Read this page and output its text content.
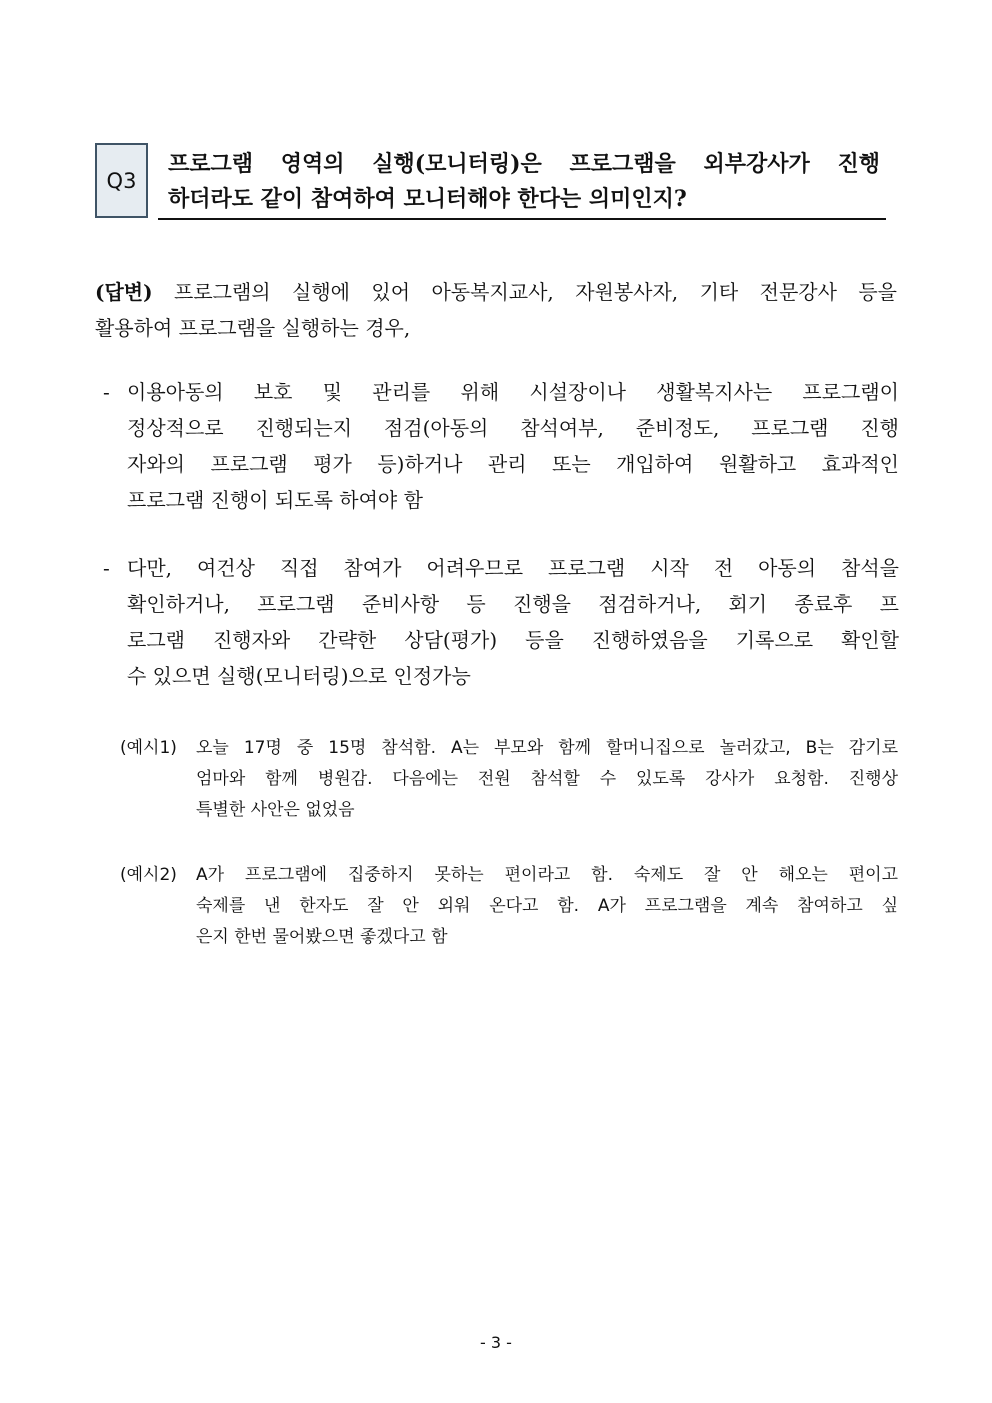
Q3
프로그램 영역의 실행(모니터링)은 프로그램을 외부강사가 진행
하더라도 같이 참여하여 모니터해야 한다는 의미인지?
(답변) 프로그램의 실행에 있어 아동복지교사, 자원봉사자, 기타 전문강사 등을
활용하여 프로그램을 실행하는 경우,
- 이용아동의 보호 및 관리를 위해 시설장이나 생활복지사는 프로그램이
정상적으로 진행되는지 점검(아동의 참석여부, 준비정도, 프로그램 진행
자와의 프로그램 평가 등)하거나 관리 또는 개입하여 원활하고 효과적인
프로그램 진행이 되도록 하여야 함
- 다만, 여건상 직접 참여가 어려우므로 프로그램 시작 전 아동의 참석을
확인하거나, 프로그램 준비사항 등 진행을 점검하거나, 회기 종료후 프
로그램 진행자와 간략한 상담(평가) 등을 진행하였음을 기록으로 확인할
수 있으면 실행(모니터링)으로 인정가능
(예시1) 오늘 17명 중 15명 참석함. A는 부모와 함께 할머니집으로 놀러갔고, B는 감기로
엄마와 함께 병원감. 다음에는 전원 참석할 수 있도록 강사가 요청함. 진행상
특별한 사안은 없었음
(예시2) A가 프로그램에 집중하지 못하는 편이라고 함. 숙제도 잘 안 해오는 편이고
숙제를 낸 한자도 잘 안 외워 온다고 함. A가 프로그램을 계속 참여하고 싶
은지 한번 물어봤으면 좋겠다고 함
- 3 -
